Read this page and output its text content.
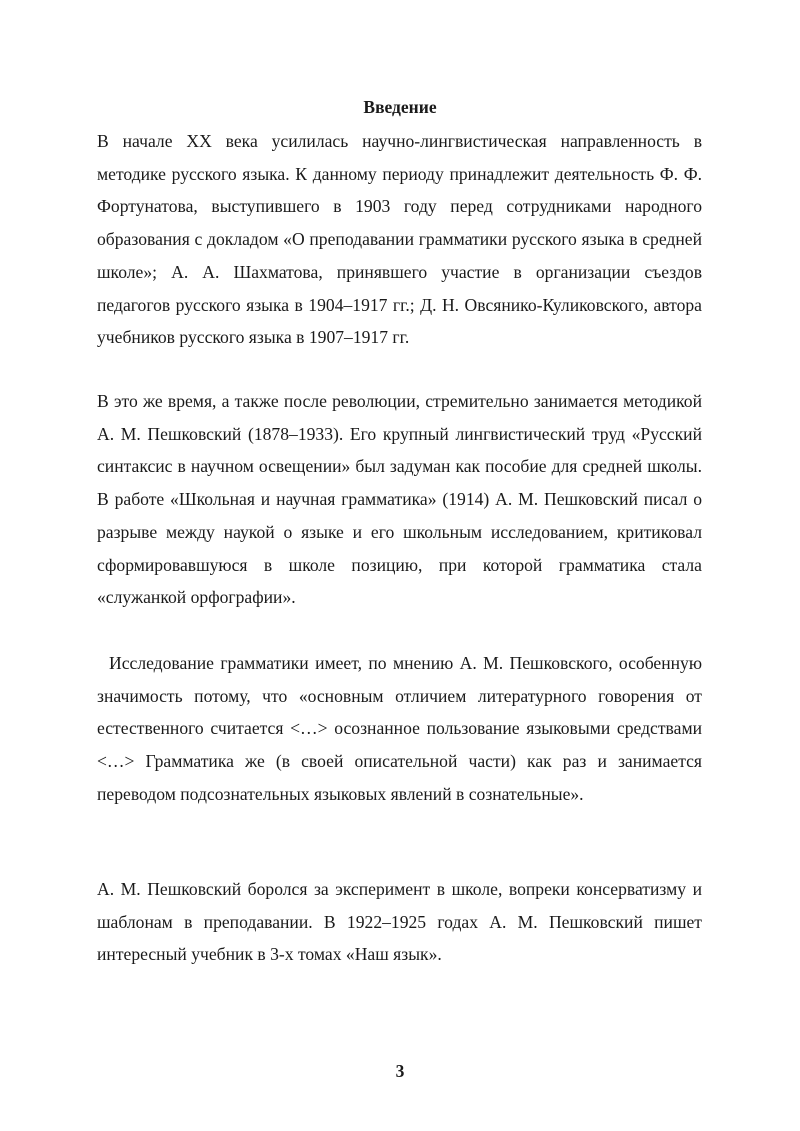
Введение

В начале XX века усилилась научно-лингвистическая направленность в методике русского языка. К данному периоду принадлежит деятельность Ф. Ф. Фортунатова, выступившего в 1903 году перед сотрудниками народного образования с докладом «О преподавании грамматики русского языка в средней школе»; А. А. Шахматова, принявшего участие в организации съездов педагогов русского языка в 1904–1917 гг.; Д. Н. Овсянико-Куликовского, автора учебников русского языка в 1907–1917 гг.

В это же время, а также после революции, стремительно занимается методикой А. М. Пешковский (1878–1933). Его крупный лингвистический труд «Русский синтаксис в научном освещении» был задуман как пособие для средней школы. В работе «Школьная и научная грамматика» (1914) А. М. Пешковский писал о разрыве между наукой о языке и его школьным исследованием, критиковал сформировавшуюся в школе позицию, при которой грамматика стала «служанкой орфографии».

Исследование грамматики имеет, по мнению А. М. Пешковского, особенную значимость потому, что «основным отличием литературного говорения от естественного считается <…> осознанное пользование языковыми средствами <…> Грамматика же (в своей описательной части) как раз и занимается переводом подсознательных языковых явлений в сознательные».

А. М. Пешковский боролся за эксперимент в школе, вопреки консерватизму и шаблонам в преподавании. В 1922–1925 годах А. М. Пешковский пишет интересный учебник в 3-х томах «Наш язык».

3
